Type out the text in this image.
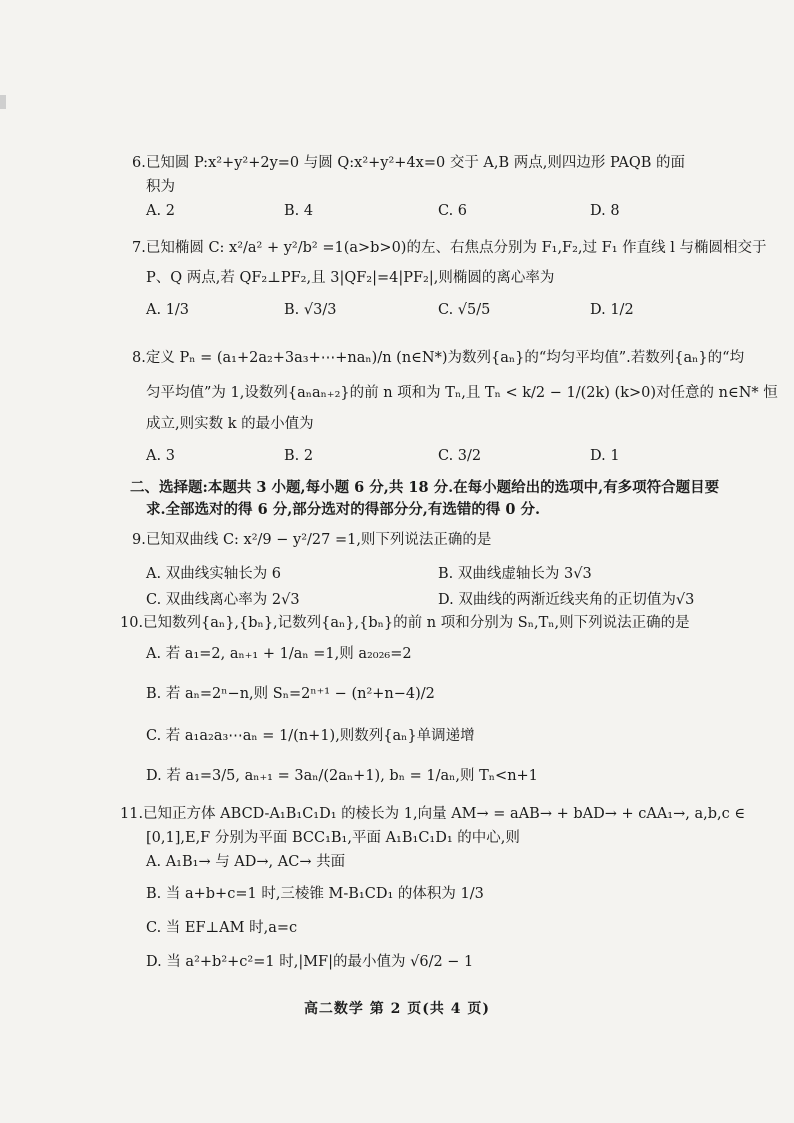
6.已知圆 P:x²+y²+2y=0 与圆 Q:x²+y²+4x=0 交于 A,B 两点,则四边形 PAQB 的面
积为
A. 2	B. 4	C. 6	D. 8
7.已知椭圆 C: x²/a² + y²/b² =1(a>b>0)的左、右焦点分别为 F₁,F₂,过 F₁ 作直线 l 与椭圆相交于
P、Q 两点,若 QF₂⊥PF₂,且 3|QF₂|=4|PF₂|,则椭圆的离心率为
A. 1/3	B. √3/3	C. √5/5	D. 1/2
8.定义 Pₙ = (a₁+2a₂+3a₃+⋯+naₙ)/n (n∈N*)为数列{aₙ}的“均匀平均值”.若数列{aₙ}的“均
匀平均值”为 1,设数列{aₙaₙ₊₂}的前 n 项和为 Tₙ,且 Tₙ < k/2 − 1/(2k) (k>0)对任意的 n∈N* 恒
成立,则实数 k 的最小值为
A. 3	B. 2	C. 3/2	D. 1
二、选择题:本题共 3 小题,每小题 6 分,共 18 分.在每小题给出的选项中,有多项符合题目要
求.全部选对的得 6 分,部分选对的得部分分,有选错的得 0 分.
9.已知双曲线 C: x²/9 − y²/27 =1,则下列说法正确的是
A. 双曲线实轴长为 6	B. 双曲线虚轴长为 3√3
C. 双曲线离心率为 2√3	D. 双曲线的两渐近线夹角的正切值为√3
10.已知数列{aₙ},{bₙ},记数列{aₙ},{bₙ}的前 n 项和分别为 Sₙ,Tₙ,则下列说法正确的是
A. 若 a₁=2, aₙ₊₁ + 1/aₙ =1,则 a₂₀₂₆=2
B. 若 aₙ=2ⁿ−n,则 Sₙ=2ⁿ⁺¹ − (n²+n−4)/2
C. 若 a₁a₂a₃⋯aₙ = 1/(n+1),则数列{aₙ}单调递增
D. 若 a₁=3/5, aₙ₊₁ = 3aₙ/(2aₙ+1), bₙ = 1/aₙ,则 Tₙ<n+1
11.已知正方体 ABCD-A₁B₁C₁D₁ 的棱长为 1,向量 AM→ = aAB→ + bAD→ + cAA₁→, a,b,c ∈
[0,1],E,F 分别为平面 BCC₁B₁,平面 A₁B₁C₁D₁ 的中心,则
A. A₁B₁→ 与 AD→, AC→ 共面
B. 当 a+b+c=1 时,三棱锥 M-B₁CD₁ 的体积为 1/3
C. 当 EF⊥AM 时,a=c
D. 当 a²+b²+c²=1 时,|MF|的最小值为 √6/2 − 1
高二数学 第 2 页(共 4 页)
